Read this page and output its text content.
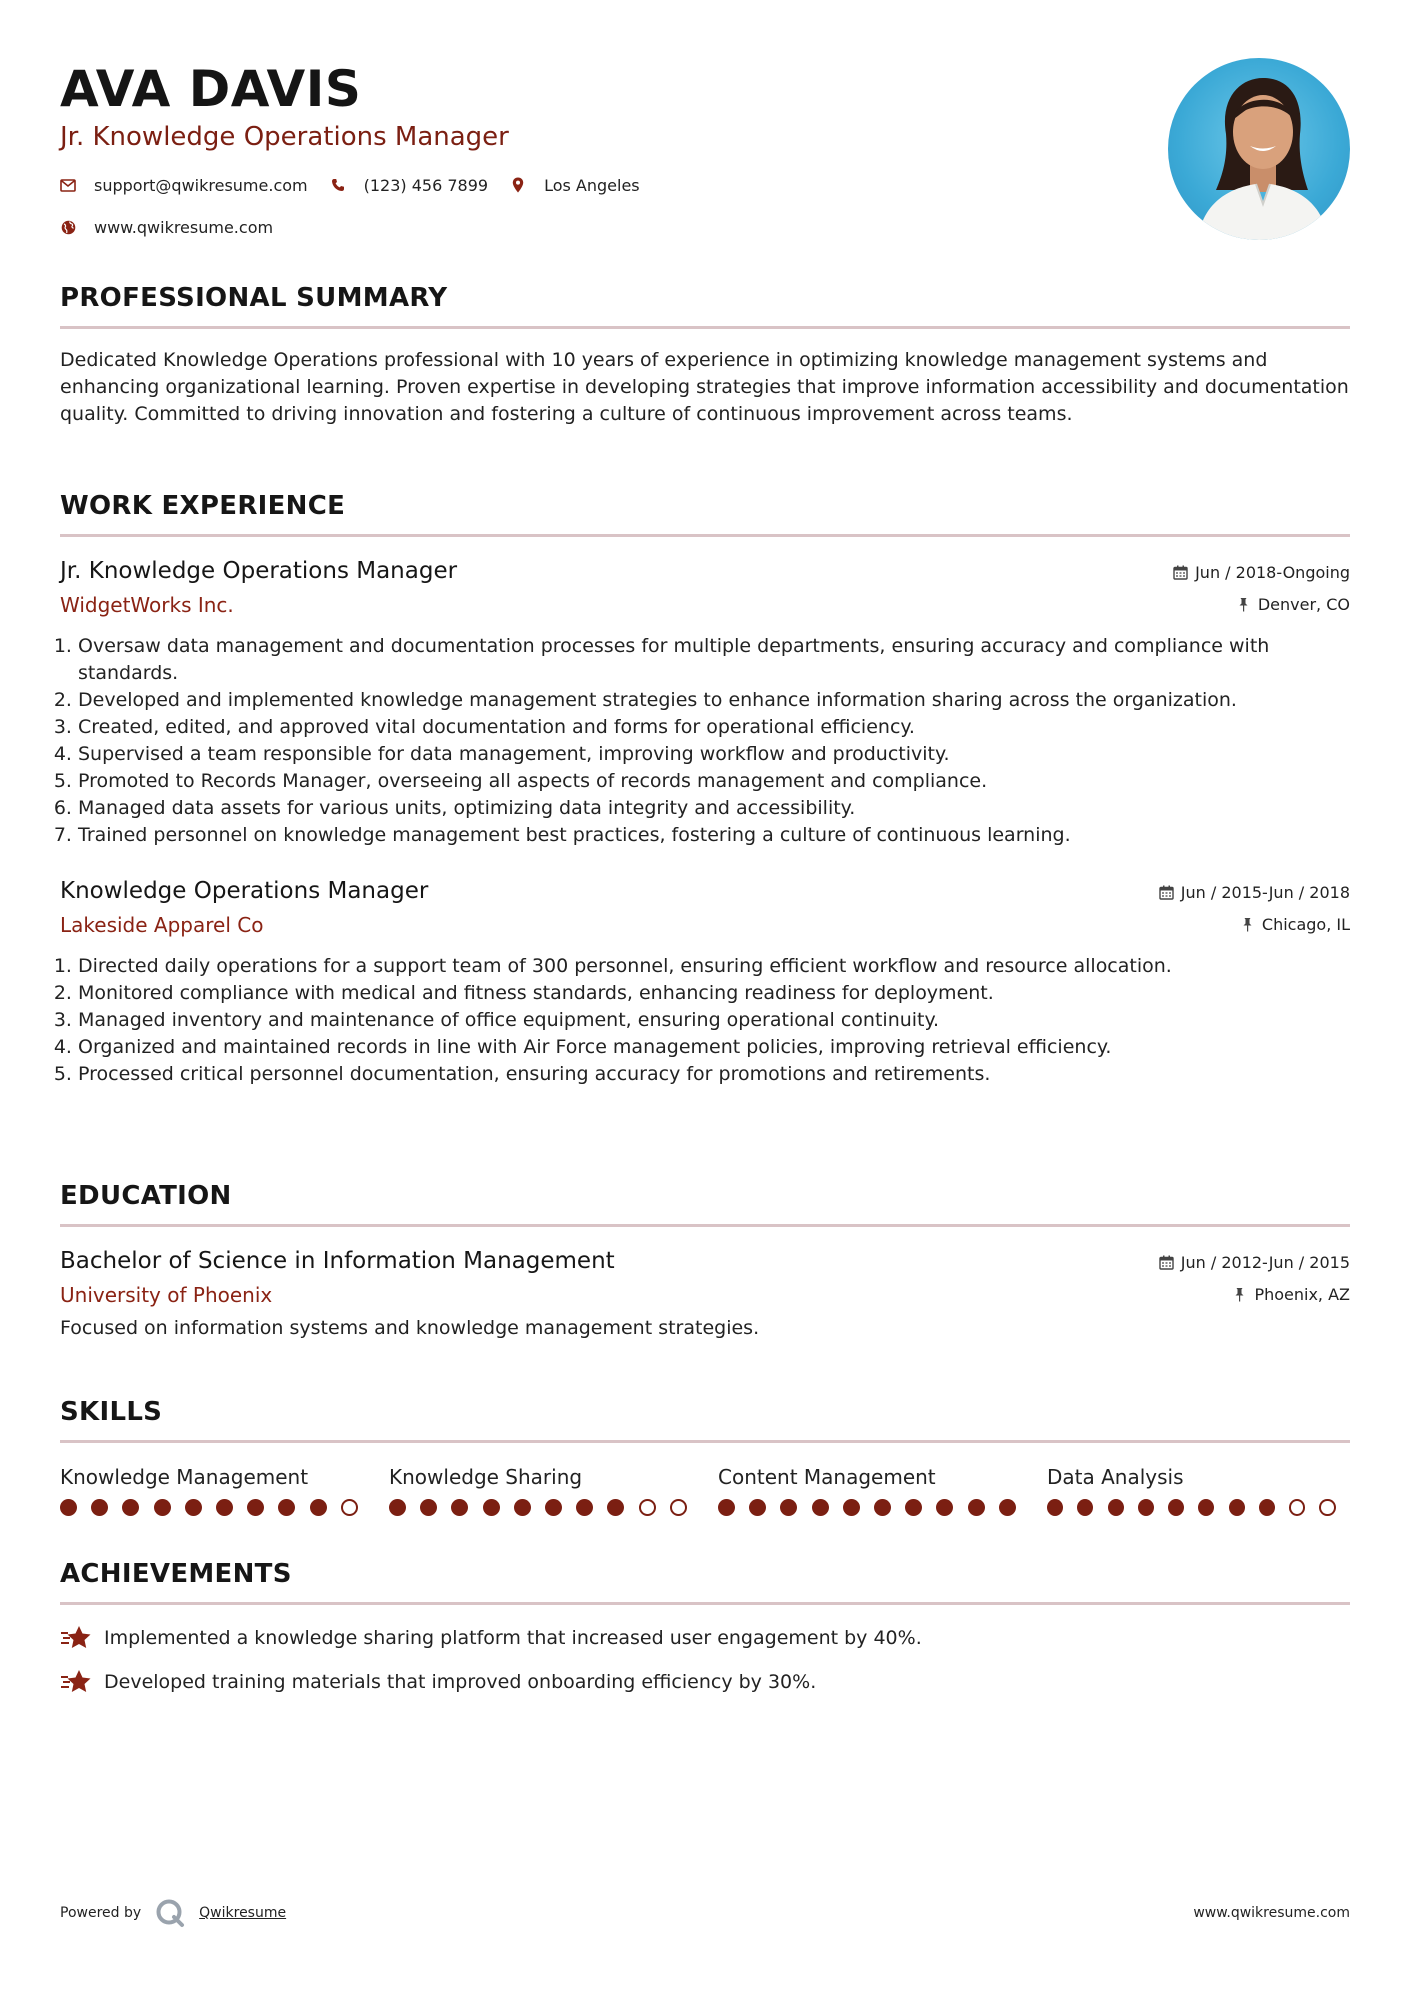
AVA DAVIS
Jr. Knowledge Operations Manager
support@qwikresume.com	(123) 456 7899	Los Angeles
www.qwikresume.com
PROFESSIONAL SUMMARY
Dedicated Knowledge Operations professional with 10 years of experience in optimizing knowledge management systems and enhancing organizational learning. Proven expertise in developing strategies that improve information accessibility and documentation quality. Committed to driving innovation and fostering a culture of continuous improvement across teams.
WORK EXPERIENCE
Jr. Knowledge Operations Manager
WidgetWorks Inc.
Jun / 2018-Ongoing
Denver, CO
1. Oversaw data management and documentation processes for multiple departments, ensuring accuracy and compliance with standards.
2. Developed and implemented knowledge management strategies to enhance information sharing across the organization.
3. Created, edited, and approved vital documentation and forms for operational efficiency.
4. Supervised a team responsible for data management, improving workflow and productivity.
5. Promoted to Records Manager, overseeing all aspects of records management and compliance.
6. Managed data assets for various units, optimizing data integrity and accessibility.
7. Trained personnel on knowledge management best practices, fostering a culture of continuous learning.
Knowledge Operations Manager
Lakeside Apparel Co
Jun / 2015-Jun / 2018
Chicago, IL
1. Directed daily operations for a support team of 300 personnel, ensuring efficient workflow and resource allocation.
2. Monitored compliance with medical and fitness standards, enhancing readiness for deployment.
3. Managed inventory and maintenance of office equipment, ensuring operational continuity.
4. Organized and maintained records in line with Air Force management policies, improving retrieval efficiency.
5. Processed critical personnel documentation, ensuring accuracy for promotions and retirements.
EDUCATION
Bachelor of Science in Information Management
University of Phoenix
Jun / 2012-Jun / 2015
Phoenix, AZ
Focused on information systems and knowledge management strategies.
SKILLS
Knowledge Management	Knowledge Sharing	Content Management	Data Analysis
ACHIEVEMENTS
Implemented a knowledge sharing platform that increased user engagement by 40%.
Developed training materials that improved onboarding efficiency by 30%.
Powered by	Qwikresume	www.qwikresume.com
